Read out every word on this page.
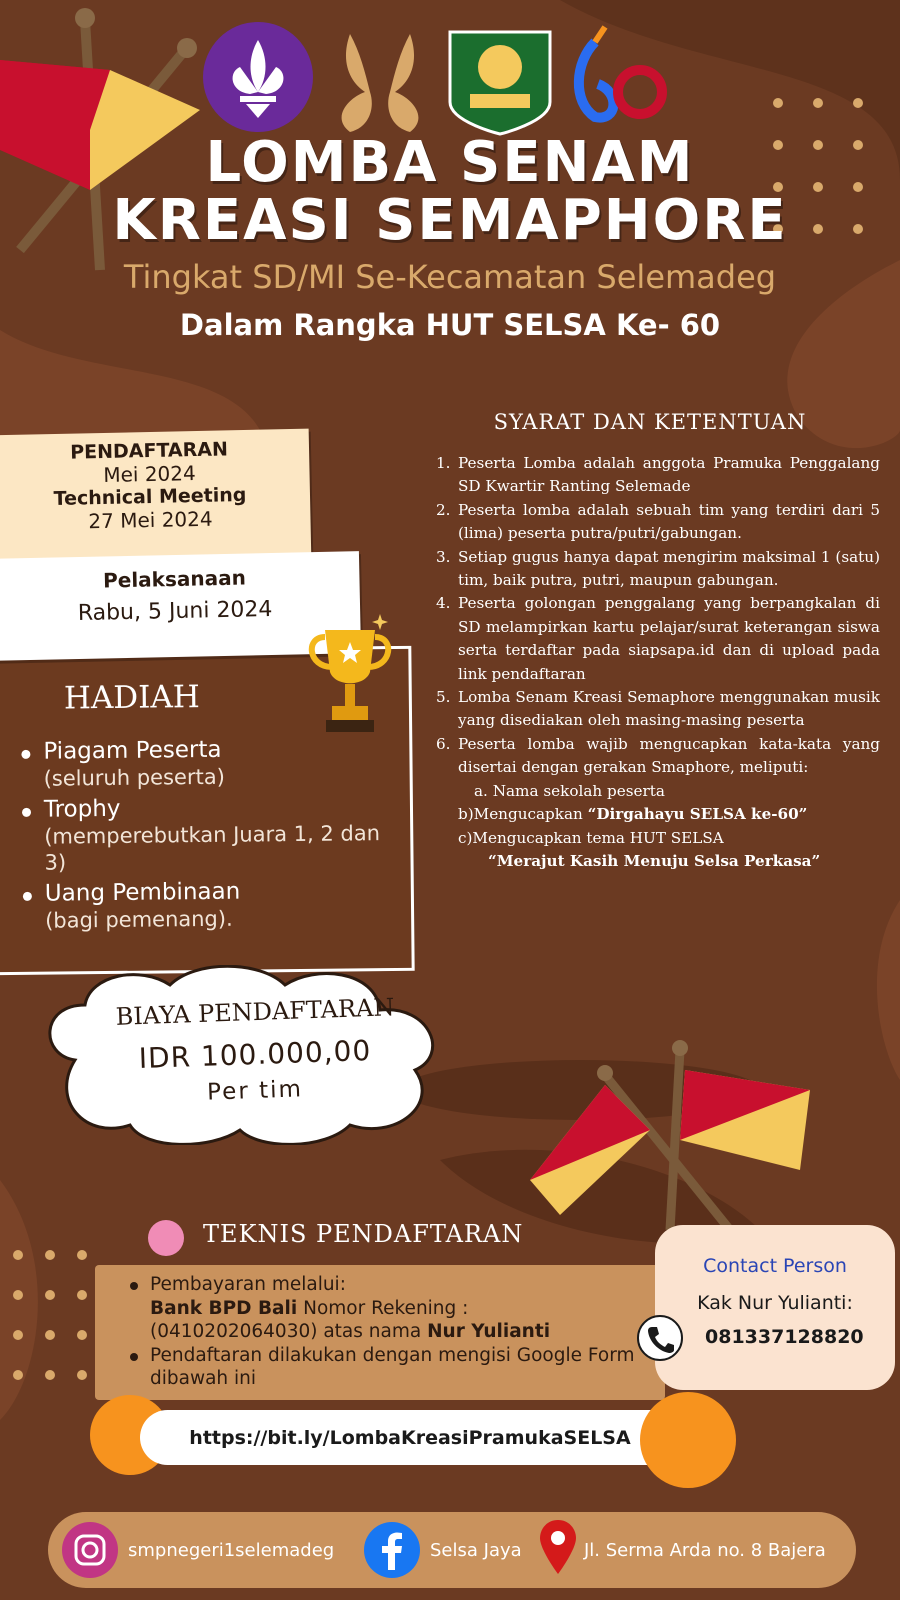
LOMBA SENAM
KREASI SEMAPHORE
Tingkat SD/MI Se-Kecamatan Selemadeg
Dalam Rangka HUT SELSA Ke- 60
PENDAFTARAN
Mei 2024
Technical Meeting
27 Mei 2024
Pelaksanaan
Rabu, 5 Juni 2024
HADIAH
Piagam Peserta
(seluruh peserta)
Trophy
(memperebutkan Juara 1, 2 dan 3)
Uang Pembinaan
(bagi pemenang).
BIAYA PENDAFTARAN
IDR 100.000,00
Per tim
SYARAT DAN KETENTUAN
1. Peserta Lomba adalah anggota Pramuka Penggalang SD Kwartir Ranting Selemade
2. Peserta lomba adalah sebuah tim yang terdiri dari 5 (lima) peserta putra/putri/gabungan.
3. Setiap gugus hanya dapat mengirim maksimal 1 (satu) tim, baik putra, putri, maupun gabungan.
4. Peserta golongan penggalang yang berpangkalan di SD melampirkan kartu pelajar/surat keterangan siswa serta terdaftar pada siapsapa.id dan di upload pada link pendaftaran
5. Lomba Senam Kreasi Semaphore menggunakan musik yang disediakan oleh masing-masing peserta
6. Peserta lomba wajib mengucapkan kata-kata yang disertai dengan gerakan Smaphore, meliputi:
a. Nama sekolah peserta
b)Mengucapkan “Dirgahayu SELSA ke-60”
c)Mengucapkan tema HUT SELSA
“Merajut Kasih Menuju Selsa Perkasa”
TEKNIS PENDAFTARAN
Pembayaran melalui:
Bank BPD Bali Nomor Rekening :
(0410202064030) atas nama Nur Yulianti
Pendaftaran dilakukan dengan mengisi Google Form dibawah ini
https://bit.ly/LombaKreasiPramukaSELSA
Contact Person
Kak Nur Yulianti:
081337128820
smpnegeri1selemadeg	Selsa Jaya	Jl. Serma Arda no. 8 Bajera
